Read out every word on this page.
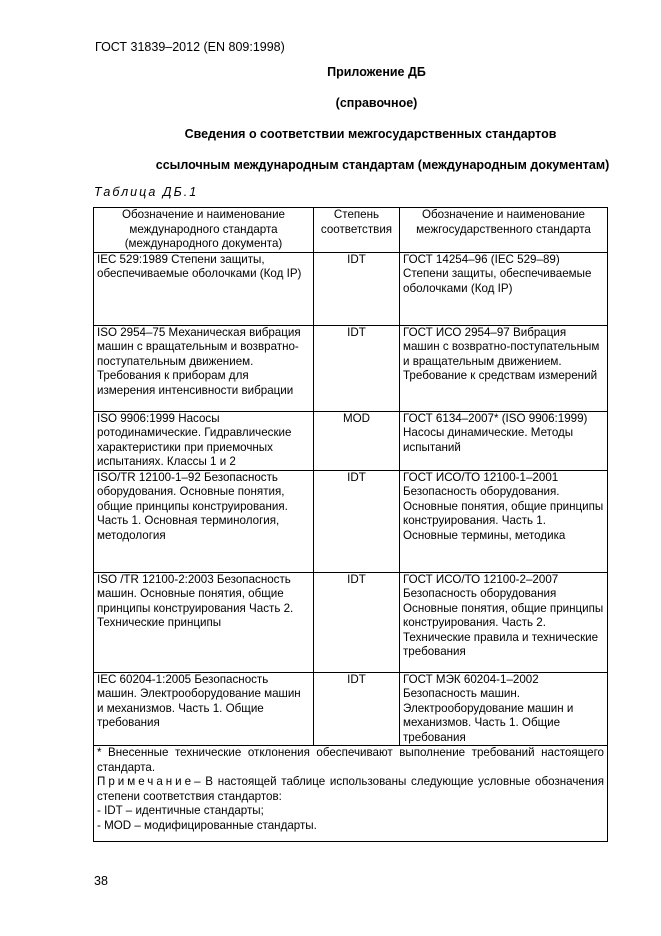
ГОСТ 31839–2012 (EN 809:1998)
Приложение ДБ
(справочное)
Сведения о соответствии межгосударственных стандартов
ссылочным международным стандартам (международным документам)
Таблица ДБ.1
Обозначение и наименование международного стандарта (международного документа)	Степень соответствия	Обозначение и наименование межгосударственного стандарта
IEC 529:1989 Степени защиты, обеспечиваемые оболочками (Код IP)	IDT	ГОСТ 14254–96 (IEC 529–89) Степени защиты, обеспечиваемые оболочками (Код IP)
ISO 2954–75 Механическая вибрация машин с вращательным и возвратно-поступательным движением. Требования к приборам для измерения интенсивности вибрации	IDT	ГОСТ ИСО 2954–97 Вибрация машин с возвратно-поступательным и вращательным движением. Требование к средствам измерений
ISO 9906:1999 Насосы ротодинамические. Гидравлические характеристики при приемочных испытаниях. Классы 1 и 2	MOD	ГОСТ 6134–2007* (ISO 9906:1999) Насосы динамические. Методы испытаний
ISO/TR 12100-1–92 Безопасность оборудования. Основные понятия, общие принципы конструирования. Часть 1. Основная терминология, методология	IDT	ГОСТ ИСО/ТО 12100-1–2001 Безопасность оборудования. Основные понятия, общие принципы конструирования. Часть 1. Основные термины, методика
ISO /TR 12100-2:2003 Безопасность машин. Основные понятия, общие принципы конструирования Часть 2. Технические принципы	IDT	ГОСТ ИСО/ТО 12100-2–2007 Безопасность оборудования Основные понятия, общие принципы конструирования. Часть 2. Технические правила и технические требования
IEC 60204-1:2005 Безопасность машин. Электрооборудование машин и механизмов. Часть 1. Общие требования	IDT	ГОСТ МЭК 60204-1–2002 Безопасность машин. Электрооборудование машин и механизмов. Часть 1. Общие требования

* Внесенные технические отклонения обеспечивают выполнение требований настоящего стандарта.
Примечание– В настоящей таблице использованы следующие условные обозначения степени соответствия стандартов:
- IDT – идентичные стандарты;
- MOD – модифицированные стандарты.		
38
